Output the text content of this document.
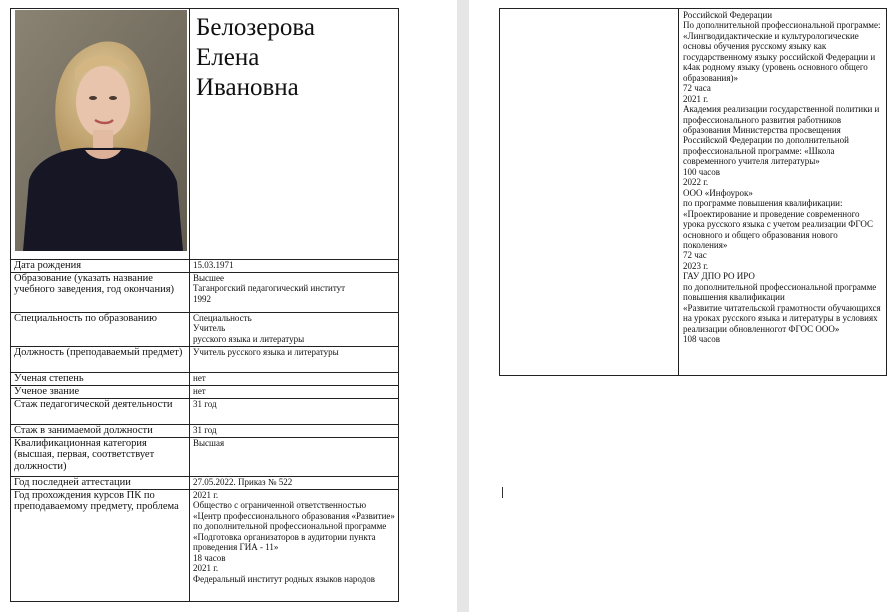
Белозерова
Елена
Ивановна

Дата рождения	15.03.1971
Образование (указать название учебного заведения, год окончания)	Высшее
Таганрогский педагогический институт
1992
Специальность по образованию	Специальность
Учитель
русского языка и литературы
Должность (преподаваемый предмет)	Учитель русского языка и литературы
Ученая степень	нет
Ученое звание	нет
Стаж педагогической деятельности	31 год
Стаж в занимаемой должности	31 год
Квалификационная категория (высшая, первая, соответствует должности)	Высшая
Год последней аттестации	27.05.2022. Приказ № 522
Год прохождения курсов ПК по преподаваемому предмету, проблема	2021 г.
Общество с ограниченной ответственностью «Центр профессионального образования «Развитие» по дополнительной профессиональной программе «Подготовка организаторов в аудитории пункта проведения ГИА - 11»
18 часов
2021 г.
Федеральный институт родных языков народов

Российской Федерации
По дополнительной профессиональной программе: «Лингводидактические и культурологические основы обучения русскому языку как государственному языку российской Федерации и к4ак родному языку (уровень основного общего образования)»
72 часа
2021 г.
Академия реализации государственной политики и профессионального развития работников образования Министерства просвещения Российской Федерации по дополнительной профессиональной программе: «Школа современного учителя литературы»
100 часов
2022 г.
ООО «Инфоурок»
по программе повышения квалификации:
«Проектирование и проведение современного урока русского языка с учетом реализации ФГОС основного и общего образования нового поколения»
72 час
2023 г.
ГАУ ДПО РО ИРО
по дополнительной профессиональной программе повышения квалификации
«Развитие читательской грамотности обучающихся на уроках русского языка и литературы в условиях реализации обновленногот ФГОС ООО»
108 часов
